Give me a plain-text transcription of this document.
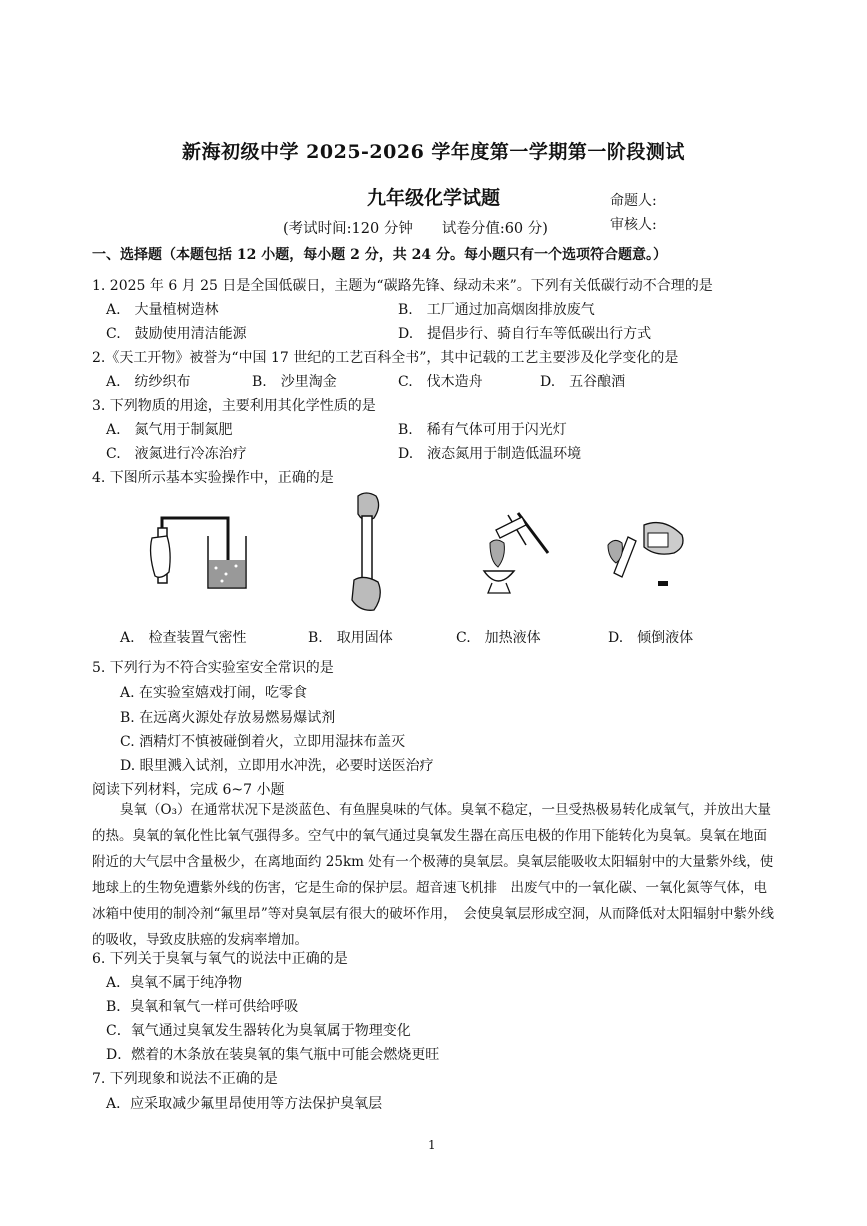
新海初级中学 2025-2026 学年度第一学期第一阶段测试
九年级化学试题	命题人:
审核人:
(考试时间:120 分钟　　试卷分值:60 分)
一、选择题（本题包括 12 小题，每小题 2 分，共 24 分。每小题只有一个选项符合题意。）
1. 2025 年 6 月 25 日是全国低碳日，主题为“碳路先锋、绿动未来”。下列有关低碳行动不合理的是
A.　大量植树造林	B.　工厂通过加高烟囱排放废气
C.　鼓励使用清洁能源	D.　提倡步行、骑自行车等低碳出行方式
2.《天工开物》被誉为“中国 17 世纪的工艺百科全书”，其中记载的工艺主要涉及化学变化的是
A.　纺纱织布	B.　沙里淘金	C.　伐木造舟	D.　五谷酿酒
3. 下列物质的用途，主要利用其化学性质的是
A.　氮气用于制氮肥	B.　稀有气体可用于闪光灯
C.　液氮进行冷冻治疗	D.　液态氮用于制造低温环境
4. 下图所示基本实验操作中，正确的是
A.　检查装置气密性	B.　取用固体	C.　加热液体	D.　倾倒液体
5. 下列行为不符合实验室安全常识的是
A. 在实验室嬉戏打闹，吃零食
B. 在远离火源处存放易燃易爆试剂
C. 酒精灯不慎被碰倒着火，立即用湿抹布盖灭
D. 眼里溅入试剂，立即用水冲洗，必要时送医治疗
阅读下列材料，完成 6~7 小题
臭氧（O₃）在通常状况下是淡蓝色、有鱼腥臭味的气体。臭氧不稳定，一旦受热极易转化成氧气，并放出大量的热。臭氧的氧化性比氧气强得多。空气中的氧气通过臭氧发生器在高压电极的作用下能转化为臭氧。臭氧在地面附近的大气层中含量极少，在离地面约 25km 处有一个极薄的臭氧层。臭氧层能吸收太阳辐射中的大量紫外线，使地球上的生物免遭紫外线的伤害，它是生命的保护层。超音速飞机排　出废气中的一氧化碳、一氧化氮等气体，电冰箱中使用的制冷剂“氟里昂”等对臭氧层有很大的破坏作用，　会使臭氧层形成空洞，从而降低对太阳辐射中紫外线的吸收，导致皮肤癌的发病率增加。
6. 下列关于臭氧与氧气的说法中正确的是
A．臭氧不属于纯净物
B．臭氧和氧气一样可供给呼吸
C．氧气通过臭氧发生器转化为臭氧属于物理变化
D．燃着的木条放在装臭氧的集气瓶中可能会燃烧更旺
7. 下列现象和说法不正确的是
A．应采取减少氟里昂使用等方法保护臭氧层
1
